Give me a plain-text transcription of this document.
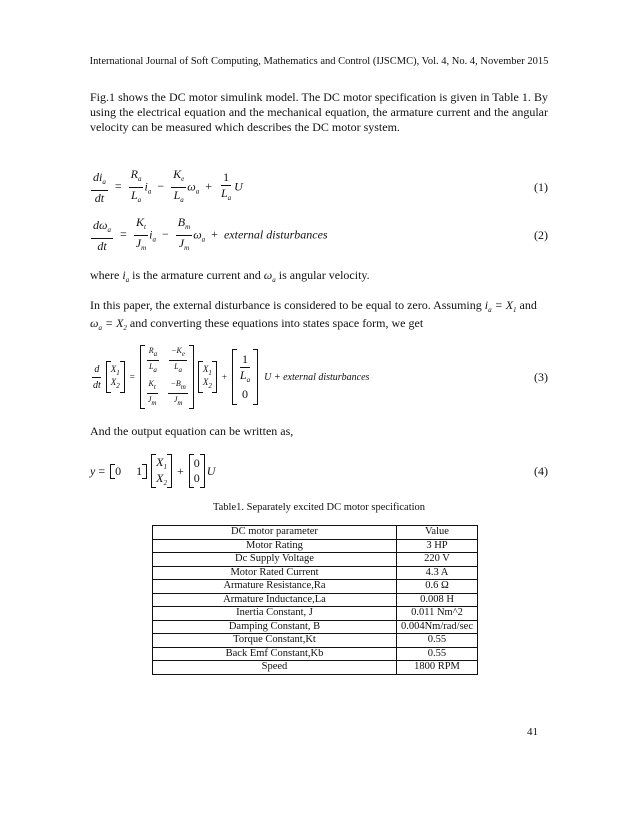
International Journal of Soft Computing, Mathematics and Control (IJSCMC), Vol. 4, No. 4, November 2015

Fig.1 shows the DC motor simulink model. The DC motor specification is given in Table 1. By using the electrical equation and the mechanical equation, the armature current and the angular velocity can be measured which describes the DC motor system.

$\frac{di_a}{dt} = \frac{R_a}{L_a} i_a - \frac{K_e}{L_a} \omega_a + \frac{1}{L_a}$ U	(1)
$\frac{d\omega_a}{dt} = \frac{K_t}{J_m} i_a - \frac{B_m}{J_m} \omega_a$ + external disturbances	(2)
where $i_a$ is the armature current and $\omega_a$ is angular velocity.
In this paper, the external disturbance is considered to be equal to zero. Assuming $i_a = X_1$ and
$\omega_a = X_2$ and converting these equations into states space form, we get
$\frac{d}{dt} X_1$
$X_2$
=
$\frac{Ra}{La} \frac{-Ke}{La}$
$\frac{Kt}{Jm} \frac{-Bm}{Jm}$
$X_1$
$X_2$
+ $\frac{1}{L_a}$
0
U + external disturbances	(3)
And the output equation can be written as,
y = 0     1
$X_1$
$X_2$
+
0
0
U	(4)
Table1. Separately excited DC motor specification
DC motor parameter	Value
Motor Rating	3 HP
Dc Supply Voltage	220 V
Motor Rated Current	4.3 A
Armature Resistance,Ra	0.6 Ω
Armature Inductance,La	0.008 H
Inertia Constant, J	0.011 Nm^2
Damping Constant, B	0.004Nm/rad/sec
Torque Constant,Kt	0.55
Back Emf Constant,Kb	0.55
Speed	1800 RPM
41
